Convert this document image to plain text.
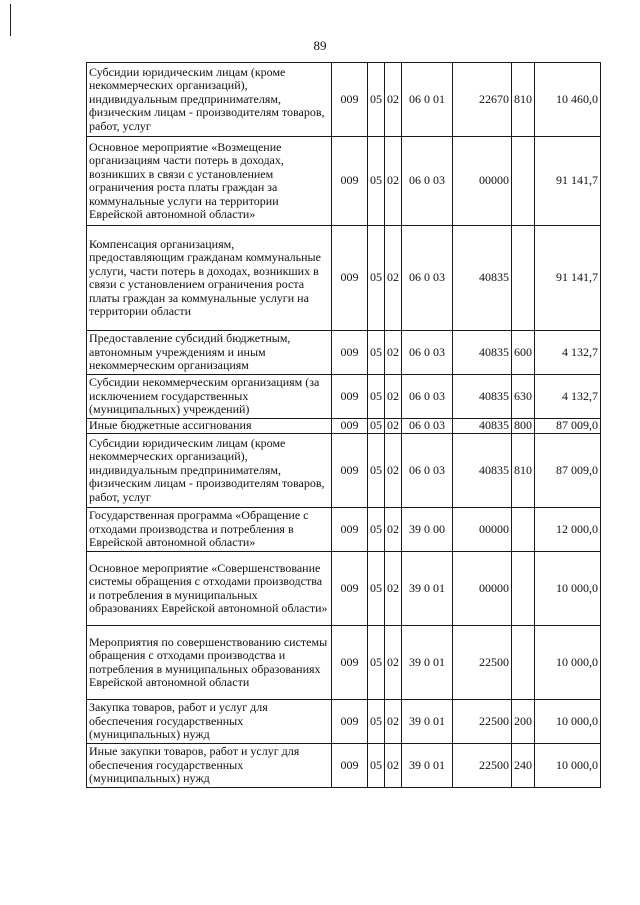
89
Субсидии юридическим лицам (кроме некоммерческих организаций), индивидуальным предпринимателям, физическим лицам - производителям товаров, работ, услуг	009	05	02	06 0 01	22670	810	10 460,0
Основное мероприятие «Возмещение организациям части потерь в доходах, возникших в связи с установлением ограничения роста платы граждан за коммунальные услуги на территории Еврейской автономной области»	009	05	02	06 0 03	00000		91 141,7
Компенсация организациям, предоставляющим гражданам коммунальные услуги, части потерь в доходах, возникших в связи с установлением ограничения роста платы граждан за коммунальные услуги на территории области	009	05	02	06 0 03	40835		91 141,7
Предоставление субсидий бюджетным, автономным учреждениям и иным некоммерческим организациям	009	05	02	06 0 03	40835	600	4 132,7
Субсидии некоммерческим организациям (за исключением государственных (муниципальных) учреждений)	009	05	02	06 0 03	40835	630	4 132,7
Иные бюджетные ассигнования	009	05	02	06 0 03	40835	800	87 009,0
Субсидии юридическим лицам (кроме некоммерческих организаций), индивидуальным предпринимателям, физическим лицам - производителям товаров, работ, услуг	009	05	02	06 0 03	40835	810	87 009,0
Государственная программа «Обращение с отходами производства и потребления в Еврейской автономной области»	009	05	02	39 0 00	00000		12 000,0
Основное мероприятие «Совершенствование системы обращения с отходами производства и потребления в муниципальных образованиях Еврейской автономной области»	009	05	02	39 0 01	00000		10 000,0
Мероприятия по совершенствованию системы обращения с отходами производства и потребления в муниципальных образованиях Еврейской автономной области	009	05	02	39 0 01	22500		10 000,0
Закупка товаров, работ и услуг для обеспечения государственных (муниципальных) нужд	009	05	02	39 0 01	22500	200	10 000,0
Иные закупки товаров, работ и услуг для обеспечения государственных (муниципальных) нужд	009	05	02	39 0 01	22500	240	10 000,0
